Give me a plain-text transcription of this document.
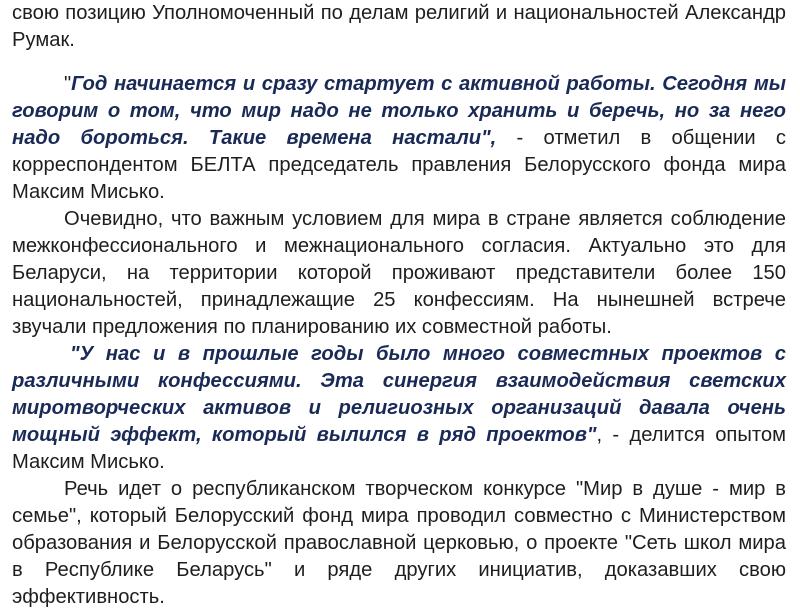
свою позицию Уполномоченный по делам религий и национальностей Александр Румак.

"Год начинается и сразу стартует с активной работы. Сегодня мы говорим о том, что мир надо не только хранить и беречь, но за него надо бороться. Такие времена настали", - отметил в общении с корреспондентом БЕЛТА председатель правления Белорусского фонда мира Максим Мисько.

Очевидно, что важным условием для мира в стране является соблюдение межконфессионального и межнационального согласия. Актуально это для Беларуси, на территории которой проживают представители более 150 национальностей, принадлежащие 25 конфессиям. На нынешней встрече звучали предложения по планированию их совместной работы.

"У нас и в прошлые годы было много совместных проектов с различными конфессиями. Эта синергия взаимодействия светских миротворческих активов и религиозных организаций давала очень мощный эффект, который вылился в ряд проектов", - делится опытом Максим Мисько.

Речь идет о республиканском творческом конкурсе "Мир в душе - мир в семье", который Белорусский фонд мира проводил совместно с Министерством образования и Белорусской православной церковью, о проекте "Сеть школ мира в Республике Беларусь" и ряде других инициатив, доказавших свою эффективность.
